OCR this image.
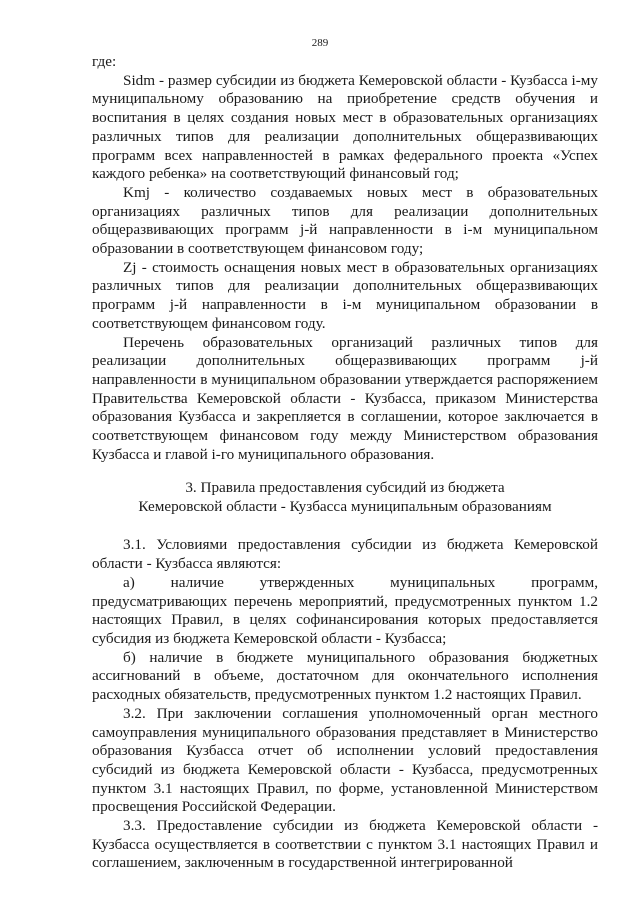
289

где:

Sidm - размер субсидии из бюджета Кемеровской области - Кузбасса i-му муниципальному образованию на приобретение средств обучения и воспитания в целях создания новых мест в образовательных организациях различных типов для реализации дополнительных общеразвивающих программ всех направленностей в рамках федерального проекта «Успех каждого ребенка» на соответствующий финансовый год;

Kmj - количество создаваемых новых мест в образовательных организациях различных типов для реализации дополнительных общеразвивающих программ j-й направленности в i-м муниципальном образовании в соответствующем финансовом году;

Zj - стоимость оснащения новых мест в образовательных организациях различных типов для реализации дополнительных общеразвивающих программ j-й направленности в i-м муниципальном образовании в соответствующем финансовом году.

Перечень образовательных организаций различных типов для реализации дополнительных общеразвивающих программ j-й направленности в муниципальном образовании утверждается распоряжением Правительства Кемеровской области - Кузбасса, приказом Министерства образования Кузбасса и закрепляется в соглашении, которое заключается в соответствующем финансовом году между Министерством образования Кузбасса и главой i-го муниципального образования.

3. Правила предоставления субсидий из бюджета
Кемеровской области - Кузбасса муниципальным образованиям

3.1. Условиями предоставления субсидии из бюджета Кемеровской области - Кузбасса являются:

а) наличие утвержденных муниципальных программ, предусматривающих перечень мероприятий, предусмотренных пунктом 1.2 настоящих Правил, в целях софинансирования которых предоставляется субсидия из бюджета Кемеровской области - Кузбасса;

б) наличие в бюджете муниципального образования бюджетных ассигнований в объеме, достаточном для окончательного исполнения расходных обязательств, предусмотренных пунктом 1.2 настоящих Правил.

3.2. При заключении соглашения уполномоченный орган местного самоуправления муниципального образования представляет в Министерство образования Кузбасса отчет об исполнении условий предоставления субсидий из бюджета Кемеровской области - Кузбасса, предусмотренных пунктом 3.1 настоящих Правил, по форме, установленной Министерством просвещения Российской Федерации.

3.3. Предоставление субсидии из бюджета Кемеровской области - Кузбасса осуществляется в соответствии с пунктом 3.1 настоящих Правил и соглашением, заключенным в государственной интегрированной
